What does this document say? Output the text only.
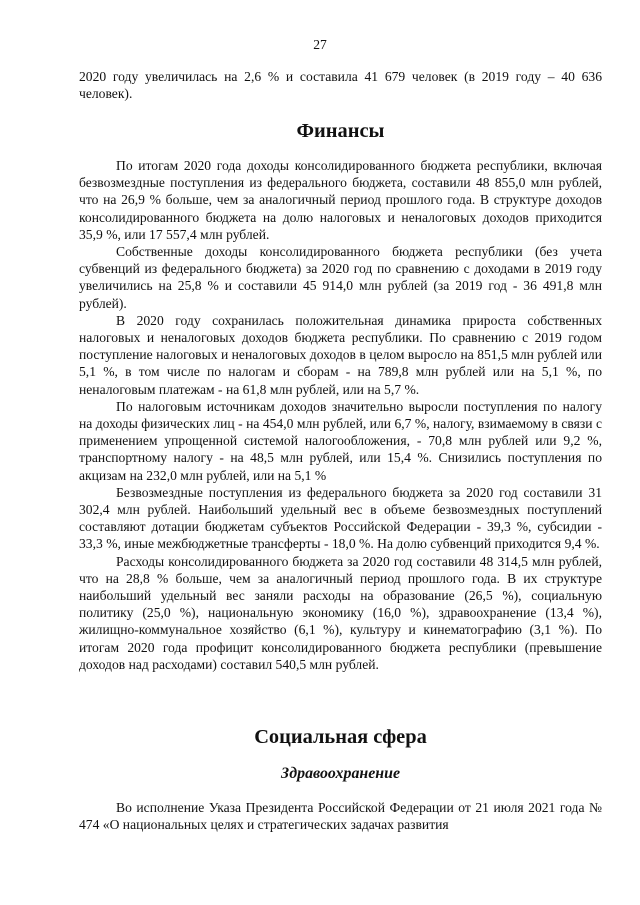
27

2020 году увеличилась на 2,6 % и составила 41 679 человек (в 2019 году – 40 636 человек).

Финансы

По итогам 2020 года доходы консолидированного бюджета республики, включая безвозмездные поступления из федерального бюджета, составили 48 855,0 млн рублей, что на 26,9 % больше, чем за аналогичный период прошлого года. В структуре доходов консолидированного бюджета на долю налоговых и неналоговых доходов приходится 35,9 %, или 17 557,4 млн рублей.

Собственные доходы консолидированного бюджета республики (без учета субвенций из федерального бюджета) за 2020 год по сравнению с доходами в 2019 году увеличились на 25,8 % и составили 45 914,0 млн рублей (за 2019 год - 36 491,8 млн рублей).

В 2020 году сохранилась положительная динамика прироста собственных налоговых и неналоговых доходов бюджета республики. По сравнению с 2019 годом поступление налоговых и неналоговых доходов в целом выросло на 851,5 млн рублей или 5,1 %, в том числе по налогам и сборам - на 789,8 млн рублей или на 5,1 %, по неналоговым платежам - на 61,8 млн рублей, или на 5,7 %.

По налоговым источникам доходов значительно выросли поступления по налогу на доходы физических лиц - на 454,0 млн рублей, или 6,7 %, налогу, взимаемому в связи с применением упрощенной системой налогообложения, - 70,8 млн рублей или 9,2 %, транспортному налогу - на 48,5 млн рублей, или 15,4 %. Снизились поступления по акцизам на 232,0 млн рублей, или на 5,1 %

Безвозмездные поступления из федерального бюджета за 2020 год составили 31 302,4 млн рублей. Наибольший удельный вес в объеме безвозмездных поступлений составляют дотации бюджетам субъектов Российской Федерации - 39,3 %, субсидии - 33,3 %, иные межбюджетные трансферты - 18,0 %. На долю субвенций приходится 9,4 %.

Расходы консолидированного бюджета за 2020 год составили 48 314,5 млн рублей, что на 28,8 % больше, чем за аналогичный период прошлого года. В их структуре наибольший удельный вес заняли расходы на образование (26,5 %), социальную политику (25,0 %), национальную экономику (16,0 %), здравоохранение (13,4 %), жилищно-коммунальное хозяйство (6,1 %), культуру и кинематографию (3,1 %). По итогам 2020 года профицит консолидированного бюджета республики (превышение доходов над расходами) составил 540,5 млн рублей.

Социальная сфера
Здравоохранение

Во исполнение Указа Президента Российской Федерации от 21 июля 2021 года № 474 «О национальных целях и стратегических задачах развития
